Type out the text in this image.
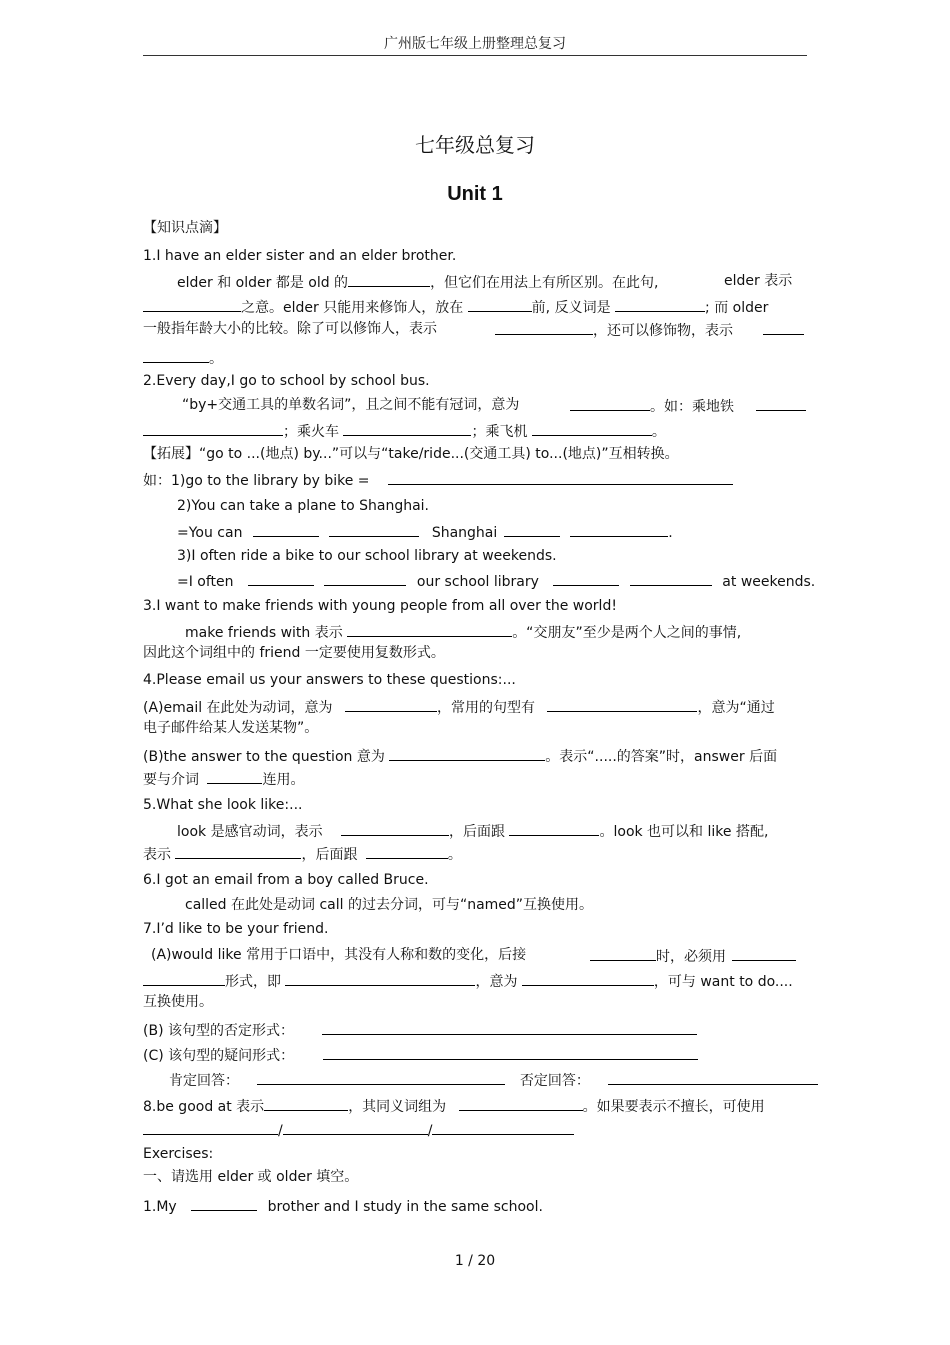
广州版七年级上册整理总复习
七年级总复习
Unit 1
【知识点滴】
1.I have an elder sister and an elder brother.
elder 和 older 都是 old 的	，但它们在用法上有所区别。在此句,	elder 表示
之意。elder 只能用来修饰人，放在	前, 反义词是	; 而 older
一般指年龄大小的比较。除了可以修饰人，表示	，还可以修饰物，表示
。
2.Every day,I go to school by school bus.
“by+交通工具的单数名词”，且之间不能有冠词，意为	。如：乘地铁
；乘火车	；乘飞机	。
【拓展】“go to ...(地点) by...”可以与“take/ride...(交通工具) to...(地点)”互相转换。
如：1)go to the library by bike =
2)You can take a plane to Shanghai.
=You can	Shanghai	.
3)I often ride a bike to our school library at weekends.
=I often	our school library	at weekends.
3.I want to make friends with young people from all over the world!
make friends with 表示	。“交朋友”至少是两个人之间的事情,
因此这个词组中的 friend 一定要使用复数形式。
4.Please email us your answers to these questions:...
(A)email 在此处为动词，意为	，常用的句型有	，意为“通过
电子邮件给某人发送某物”。
(B)the answer to the question 意为	。表示“.....的答案”时，answer 后面
要与介词	连用。
5.What she look like:...
look 是感官动词，表示	，后面跟	。look 也可以和 like 搭配,
表示	，后面跟	。
6.I got an email from a boy called Bruce.
called 在此处是动词 call 的过去分词，可与“named”互换使用。
7.I’d like to be your friend.
(A)would like 常用于口语中，其没有人称和数的变化，后接	时，必须用
形式，即	，意为	，可与 want to do....
互换使用。
(B) 该句型的否定形式：
(C) 该句型的疑问形式：
肯定回答：	否定回答：
8.be good at 表示	，其同义词组为	。如果要表示不擅长，可使用
/	/
Exercises:
一、请选用 elder 或 older 填空。
1.My	brother and I study in the same school.
1 / 20
